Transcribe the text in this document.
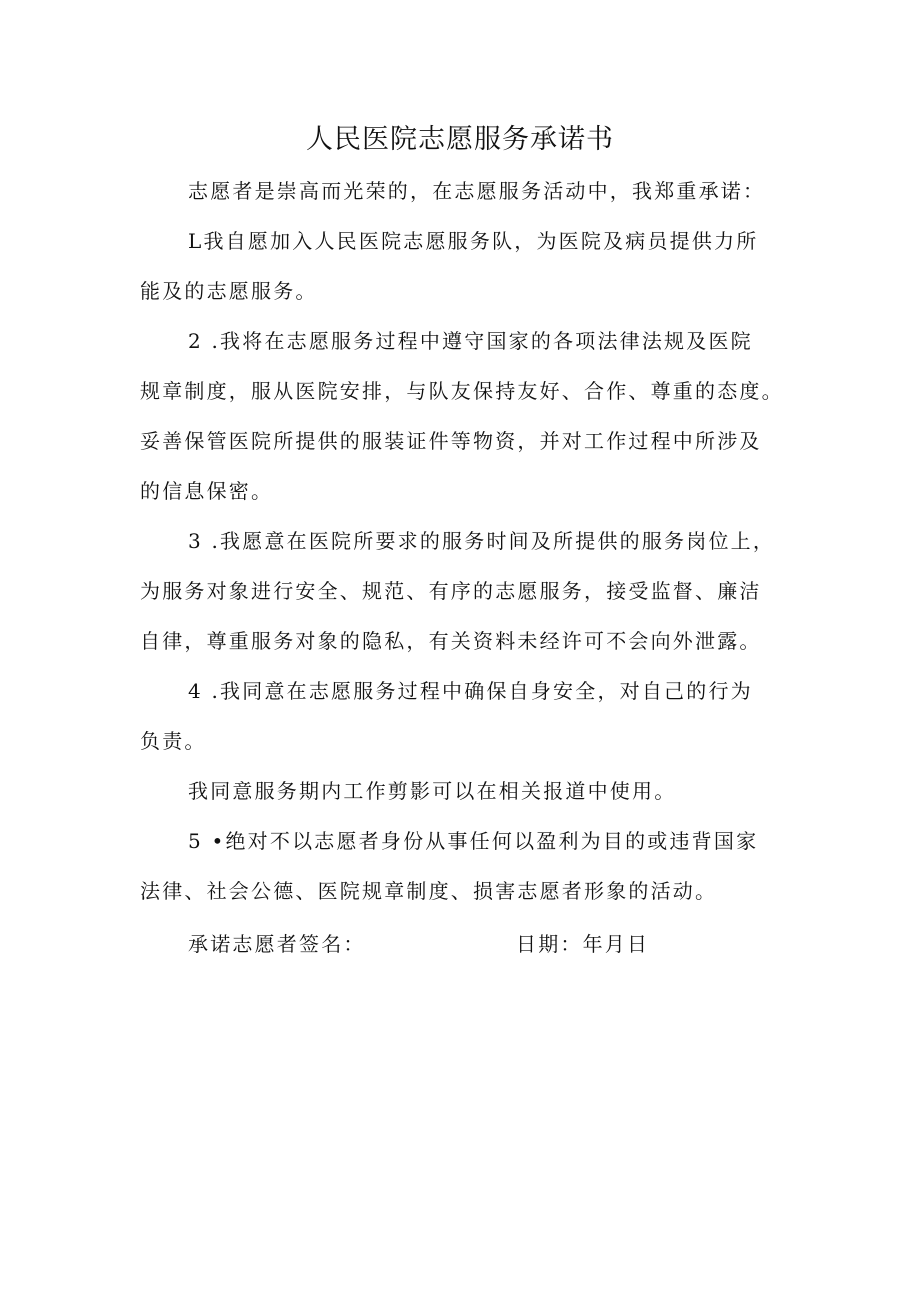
人民医院志愿服务承诺书

志愿者是崇高而光荣的，在志愿服务活动中，我郑重承诺：

L我自愿加入人民医院志愿服务队，为医院及病员提供力所
能及的志愿服务。

2 .我将在志愿服务过程中遵守国家的各项法律法规及医院
规章制度，服从医院安排，与队友保持友好、合作、尊重的态度。
妥善保管医院所提供的服装证件等物资，并对工作过程中所涉及
的信息保密。

3 .我愿意在医院所要求的服务时间及所提供的服务岗位上，
为服务对象进行安全、规范、有序的志愿服务，接受监督、廉洁
自律，尊重服务对象的隐私，有关资料未经许可不会向外泄露。

4 .我同意在志愿服务过程中确保自身安全，对自己的行为
负责。

我同意服务期内工作剪影可以在相关报道中使用。

5 •绝对不以志愿者身份从事任何以盈利为目的或违背国家
法律、社会公德、医院规章制度、损害志愿者形象的活动。

承诺志愿者签名：	日期：年月日
